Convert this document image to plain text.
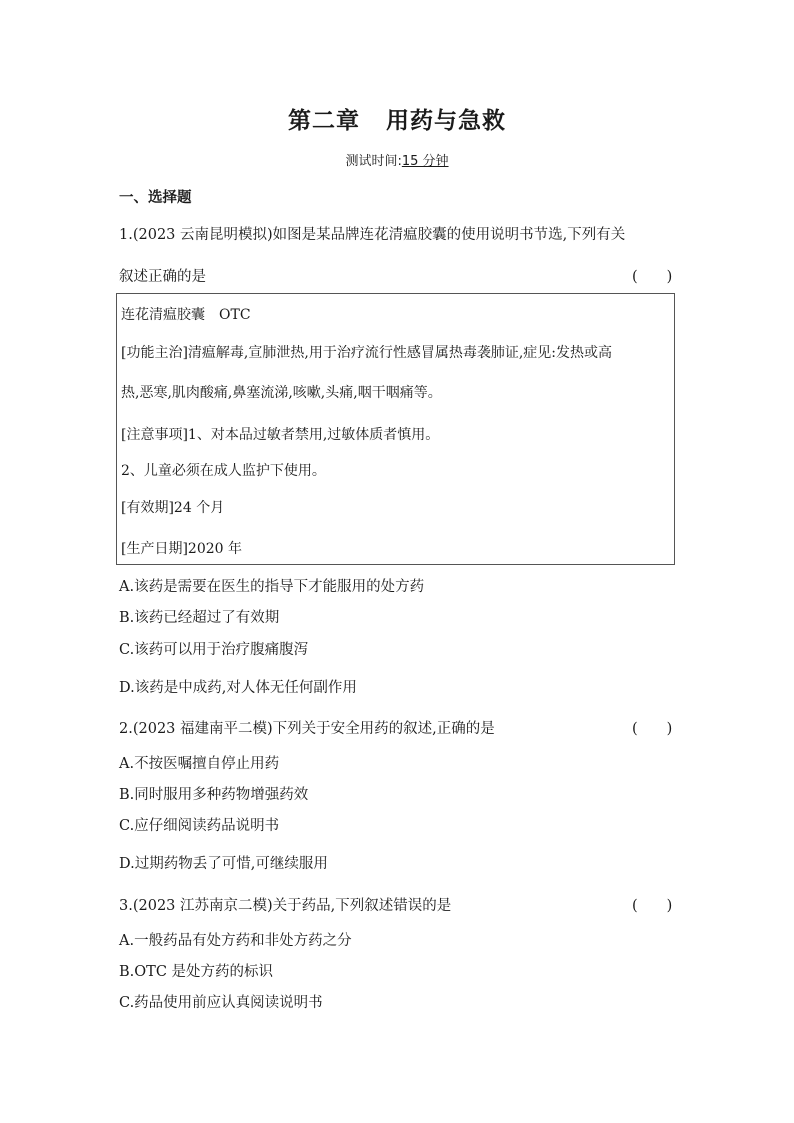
第二章 用药与急救
测试时间:15 分钟
一、选择题
1.(2023 云南昆明模拟)如图是某品牌连花清瘟胶囊的使用说明书节选,下列有关
叙述正确的是	(　　)
连花清瘟胶囊　OTC
[功能主治]清瘟解毒,宣肺泄热,用于治疗流行性感冒属热毒袭肺证,症见:发热或高
热,恶寒,肌肉酸痛,鼻塞流涕,咳嗽,头痛,咽干咽痛等。
[注意事项]1、对本品过敏者禁用,过敏体质者慎用。
2、儿童必须在成人监护下使用。
[有效期]24 个月
[生产日期]2020 年
A.该药是需要在医生的指导下才能服用的处方药
B.该药已经超过了有效期
C.该药可以用于治疗腹痛腹泻
D.该药是中成药,对人体无任何副作用
2.(2023 福建南平二模)下列关于安全用药的叙述,正确的是	(　　)
A.不按医嘱擅自停止用药
B.同时服用多种药物增强药效
C.应仔细阅读药品说明书
D.过期药物丢了可惜,可继续服用
3.(2023 江苏南京二模)关于药品,下列叙述错误的是	(　　)
A.一般药品有处方药和非处方药之分
B.OTC 是处方药的标识
C.药品使用前应认真阅读说明书
